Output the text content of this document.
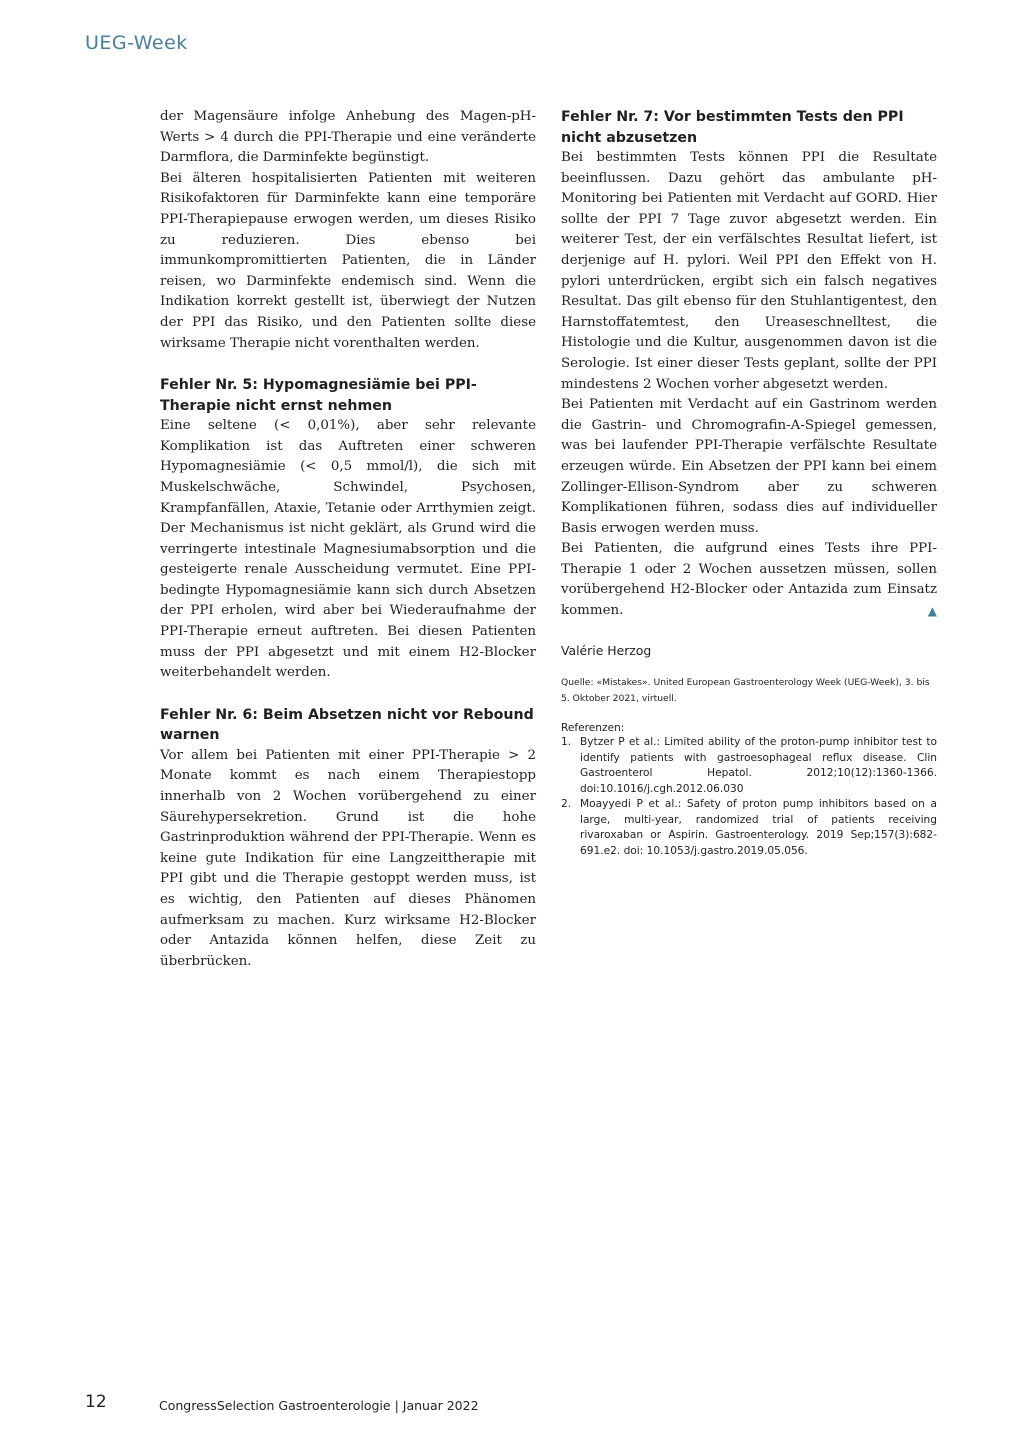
UEG-Week

der Magensäure infolge Anhebung des Magen-pH-Werts > 4 durch die PPI-Therapie und eine veränderte Darmflora, die Darminfekte begünstigt.

Bei älteren hospitalisierten Patienten mit weiteren Risikofaktoren für Darminfekte kann eine temporäre PPI-Therapiepause erwogen werden, um dieses Risiko zu reduzieren. Dies ebenso bei immunkompromittierten Patienten, die in Länder reisen, wo Darminfekte endemisch sind. Wenn die Indikation korrekt gestellt ist, überwiegt der Nutzen der PPI das Risiko, und den Patienten sollte diese wirksame Therapie nicht vorenthalten werden.

Fehler Nr. 5: Hypomagnesiämie bei PPI-Therapie nicht ernst nehmen

Eine seltene (< 0,01%), aber sehr relevante Komplikation ist das Auftreten einer schweren Hypomagnesiämie (< 0,5 mmol/l), die sich mit Muskelschwäche, Schwindel, Psychosen, Krampfanfällen, Ataxie, Tetanie oder Arrthymien zeigt. Der Mechanismus ist nicht geklärt, als Grund wird die verringerte intestinale Magnesiumabsorption und die gesteigerte renale Ausscheidung vermutet. Eine PPI-bedingte Hypomagnesiämie kann sich durch Absetzen der PPI erholen, wird aber bei Wiederaufnahme der PPI-Therapie erneut auftreten. Bei diesen Patienten muss der PPI abgesetzt und mit einem H2-Blocker weiterbehandelt werden.

Fehler Nr. 6: Beim Absetzen nicht vor Rebound warnen

Vor allem bei Patienten mit einer PPI-Therapie > 2 Monate kommt es nach einem Therapiestopp innerhalb von 2 Wochen vorübergehend zu einer Säurehypersekretion. Grund ist die hohe Gastrinproduktion während der PPI-Therapie. Wenn es keine gute Indikation für eine Langzeittherapie mit PPI gibt und die Therapie gestoppt werden muss, ist es wichtig, den Patienten auf dieses Phänomen aufmerksam zu machen. Kurz wirksame H2-Blocker oder Antazida können helfen, diese Zeit zu überbrücken.

Fehler Nr. 7: Vor bestimmten Tests den PPI nicht abzusetzen

Bei bestimmten Tests können PPI die Resultate beeinflussen. Dazu gehört das ambulante pH-Monitoring bei Patienten mit Verdacht auf GORD. Hier sollte der PPI 7 Tage zuvor abgesetzt werden. Ein weiterer Test, der ein verfälschtes Resultat liefert, ist derjenige auf H. pylori. Weil PPI den Effekt von H. pylori unterdrücken, ergibt sich ein falsch negatives Resultat. Das gilt ebenso für den Stuhlantigentest, den Harnstoffatemtest, den Ureaseschnelltest, die Histologie und die Kultur, ausgenommen davon ist die Serologie. Ist einer dieser Tests geplant, sollte der PPI mindestens 2 Wochen vorher abgesetzt werden.

Bei Patienten mit Verdacht auf ein Gastrinom werden die Gastrin- und Chromografin-A-Spiegel gemessen, was bei laufender PPI-Therapie verfälschte Resultate erzeugen würde. Ein Absetzen der PPI kann bei einem Zollinger-Ellison-Syndrom aber zu schweren Komplikationen führen, sodass dies auf individueller Basis erwogen werden muss.

Bei Patienten, die aufgrund eines Tests ihre PPI-Therapie 1 oder 2 Wochen aussetzen müssen, sollen vorübergehend H2-Blocker oder Antazida zum Einsatz kommen.	▲

Valérie Herzog

Quelle: «Mistakes». United European Gastroenterology Week (UEG-Week), 3. bis 5. Oktober 2021, virtuell.

Referenzen:

1. Bytzer P et al.: Limited ability of the proton-pump inhibitor test to identify patients with gastroesophageal reflux disease. Clin Gastroenterol Hepatol. 2012;10(12):1360-1366. doi:10.1016/j.cgh.2012.06.030
2. Moayyedi P et al.: Safety of proton pump inhibitors based on a large, multi-year, randomized trial of patients receiving rivaroxaban or Aspirin. Gastroenterology. 2019 Sep;157(3):682-691.e2. doi: 10.1053/j.gastro.2019.05.056.
12	CongressSelection Gastroenterologie | Januar 2022
